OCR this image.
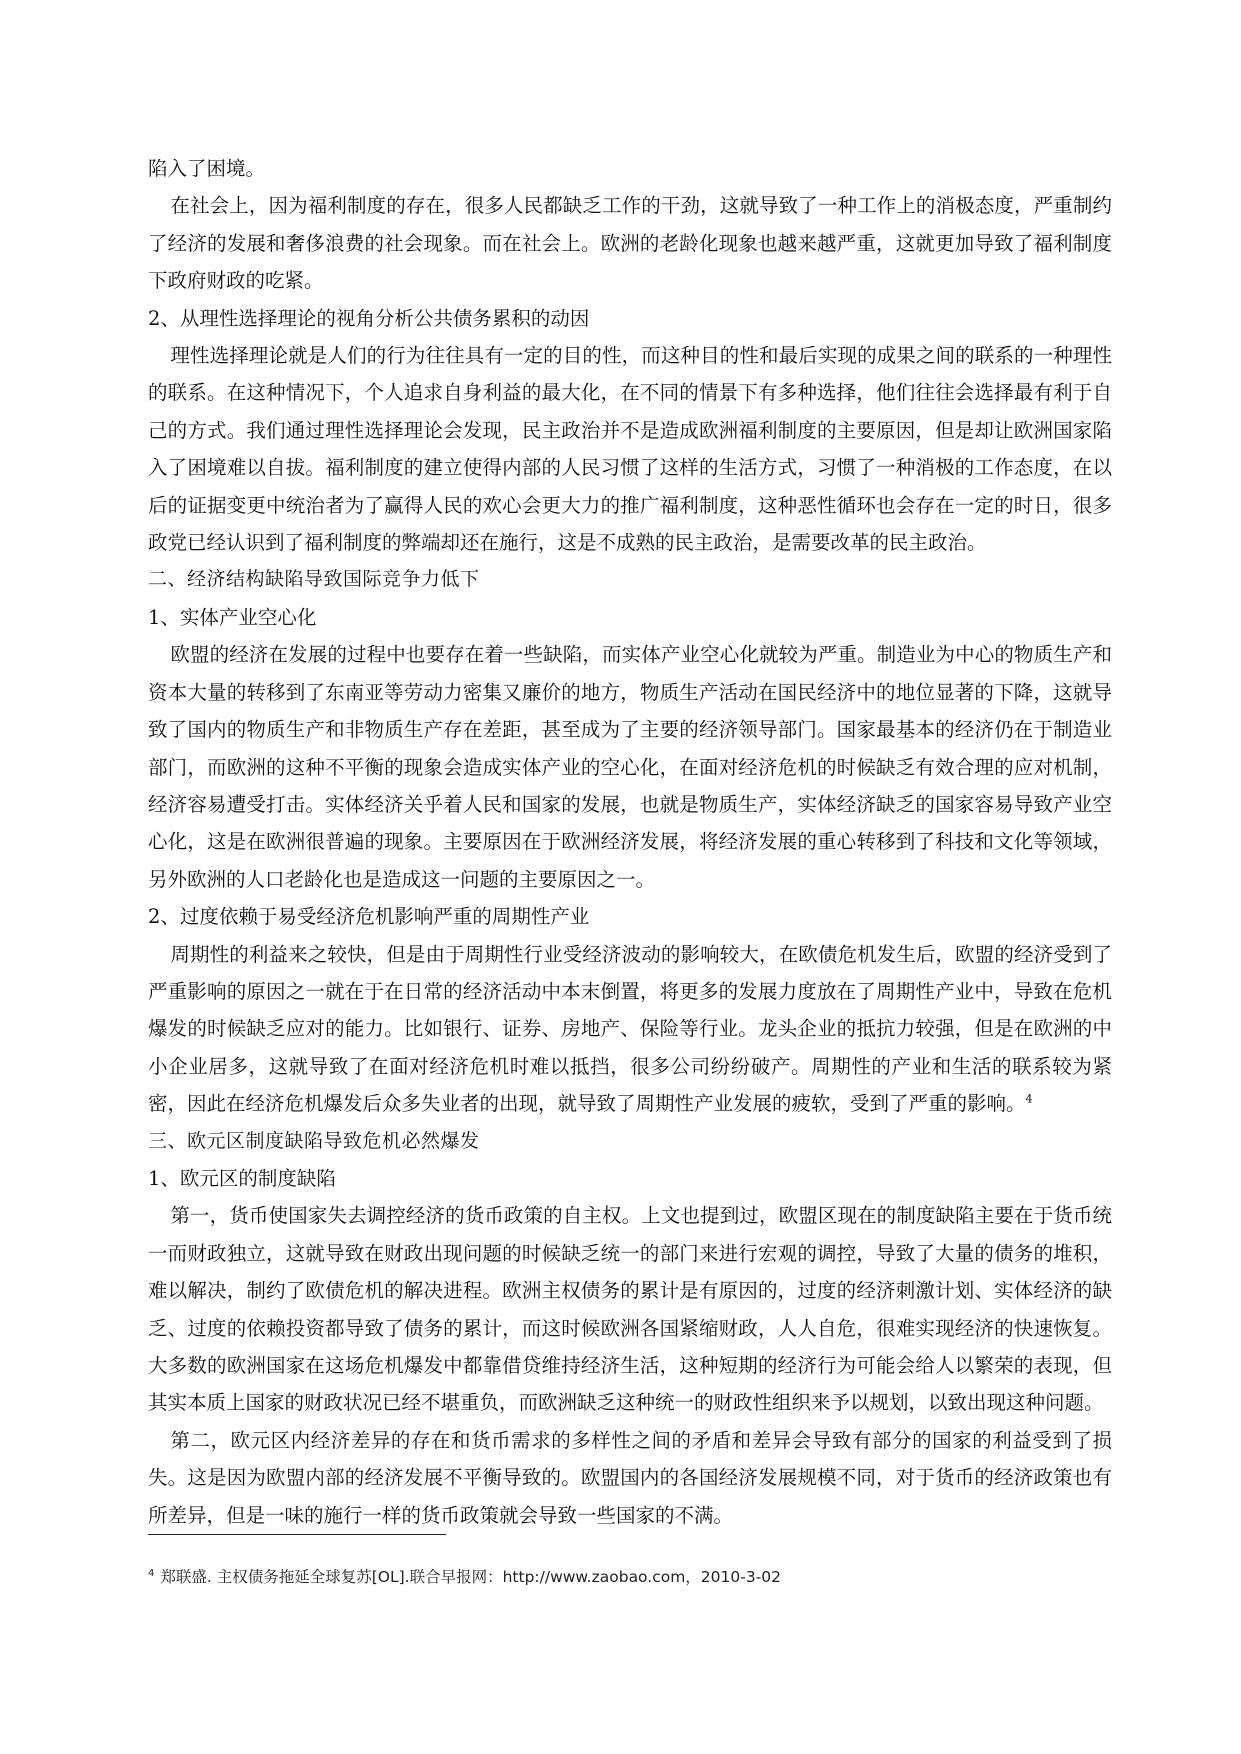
陷入了困境。

在社会上，因为福利制度的存在，很多人民都缺乏工作的干劲，这就导致了一种工作上的消极态度，严重制约了经济的发展和奢侈浪费的社会现象。而在社会上。欧洲的老龄化现象也越来越严重，这就更加导致了福利制度下政府财政的吃紧。

2、从理性选择理论的视角分析公共债务累积的动因

理性选择理论就是人们的行为往往具有一定的目的性，而这种目的性和最后实现的成果之间的联系的一种理性的联系。在这种情况下，个人追求自身利益的最大化，在不同的情景下有多种选择，他们往往会选择最有利于自己的方式。我们通过理性选择理论会发现，民主政治并不是造成欧洲福利制度的主要原因，但是却让欧洲国家陷入了困境难以自拔。福利制度的建立使得内部的人民习惯了这样的生活方式，习惯了一种消极的工作态度，在以后的证据变更中统治者为了赢得人民的欢心会更大力的推广福利制度，这种恶性循环也会存在一定的时日，很多政党已经认识到了福利制度的弊端却还在施行，这是不成熟的民主政治，是需要改革的民主政治。

二、经济结构缺陷导致国际竞争力低下

1、实体产业空心化

欧盟的经济在发展的过程中也要存在着一些缺陷，而实体产业空心化就较为严重。制造业为中心的物质生产和资本大量的转移到了东南亚等劳动力密集又廉价的地方，物质生产活动在国民经济中的地位显著的下降，这就导致了国内的物质生产和非物质生产存在差距，甚至成为了主要的经济领导部门。国家最基本的经济仍在于制造业部门，而欧洲的这种不平衡的现象会造成实体产业的空心化，在面对经济危机的时候缺乏有效合理的应对机制，经济容易遭受打击。实体经济关乎着人民和国家的发展，也就是物质生产，实体经济缺乏的国家容易导致产业空心化，这是在欧洲很普遍的现象。主要原因在于欧洲经济发展，将经济发展的重心转移到了科技和文化等领域，另外欧洲的人口老龄化也是造成这一问题的主要原因之一。

2、过度依赖于易受经济危机影响严重的周期性产业

周期性的利益来之较快，但是由于周期性行业受经济波动的影响较大，在欧债危机发生后，欧盟的经济受到了严重影响的原因之一就在于在日常的经济活动中本末倒置，将更多的发展力度放在了周期性产业中，导致在危机爆发的时候缺乏应对的能力。比如银行、证券、房地产、保险等行业。龙头企业的抵抗力较强，但是在欧洲的中小企业居多，这就导致了在面对经济危机时难以抵挡，很多公司纷纷破产。周期性的产业和生活的联系较为紧密，因此在经济危机爆发后众多失业者的出现，就导致了周期性产业发展的疲软，受到了严重的影响。$^4$

三、欧元区制度缺陷导致危机必然爆发

1、欧元区的制度缺陷

第一，货币使国家失去调控经济的货币政策的自主权。上文也提到过，欧盟区现在的制度缺陷主要在于货币统一而财政独立，这就导致在财政出现问题的时候缺乏统一的部门来进行宏观的调控，导致了大量的债务的堆积，难以解决，制约了欧债危机的解决进程。欧洲主权债务的累计是有原因的，过度的经济刺激计划、实体经济的缺乏、过度的依赖投资都导致了债务的累计，而这时候欧洲各国紧缩财政，人人自危，很难实现经济的快速恢复。大多数的欧洲国家在这场危机爆发中都靠借贷维持经济生活，这种短期的经济行为可能会给人以繁荣的表现，但其实本质上国家的财政状况已经不堪重负，而欧洲缺乏这种统一的财政性组织来予以规划，以致出现这种问题。

第二，欧元区内经济差异的存在和货币需求的多样性之间的矛盾和差异会导致有部分的国家的利益受到了损失。这是因为欧盟内部的经济发展不平衡导致的。欧盟国内的各国经济发展规模不同，对于货币的经济政策也有所差异，但是一味的施行一样的货币政策就会导致一些国家的不满。

$^4$ 郑联盛. 主权债务拖延全球复苏[OL].联合早报网：http://www.zaobao.com，2010-3-02
